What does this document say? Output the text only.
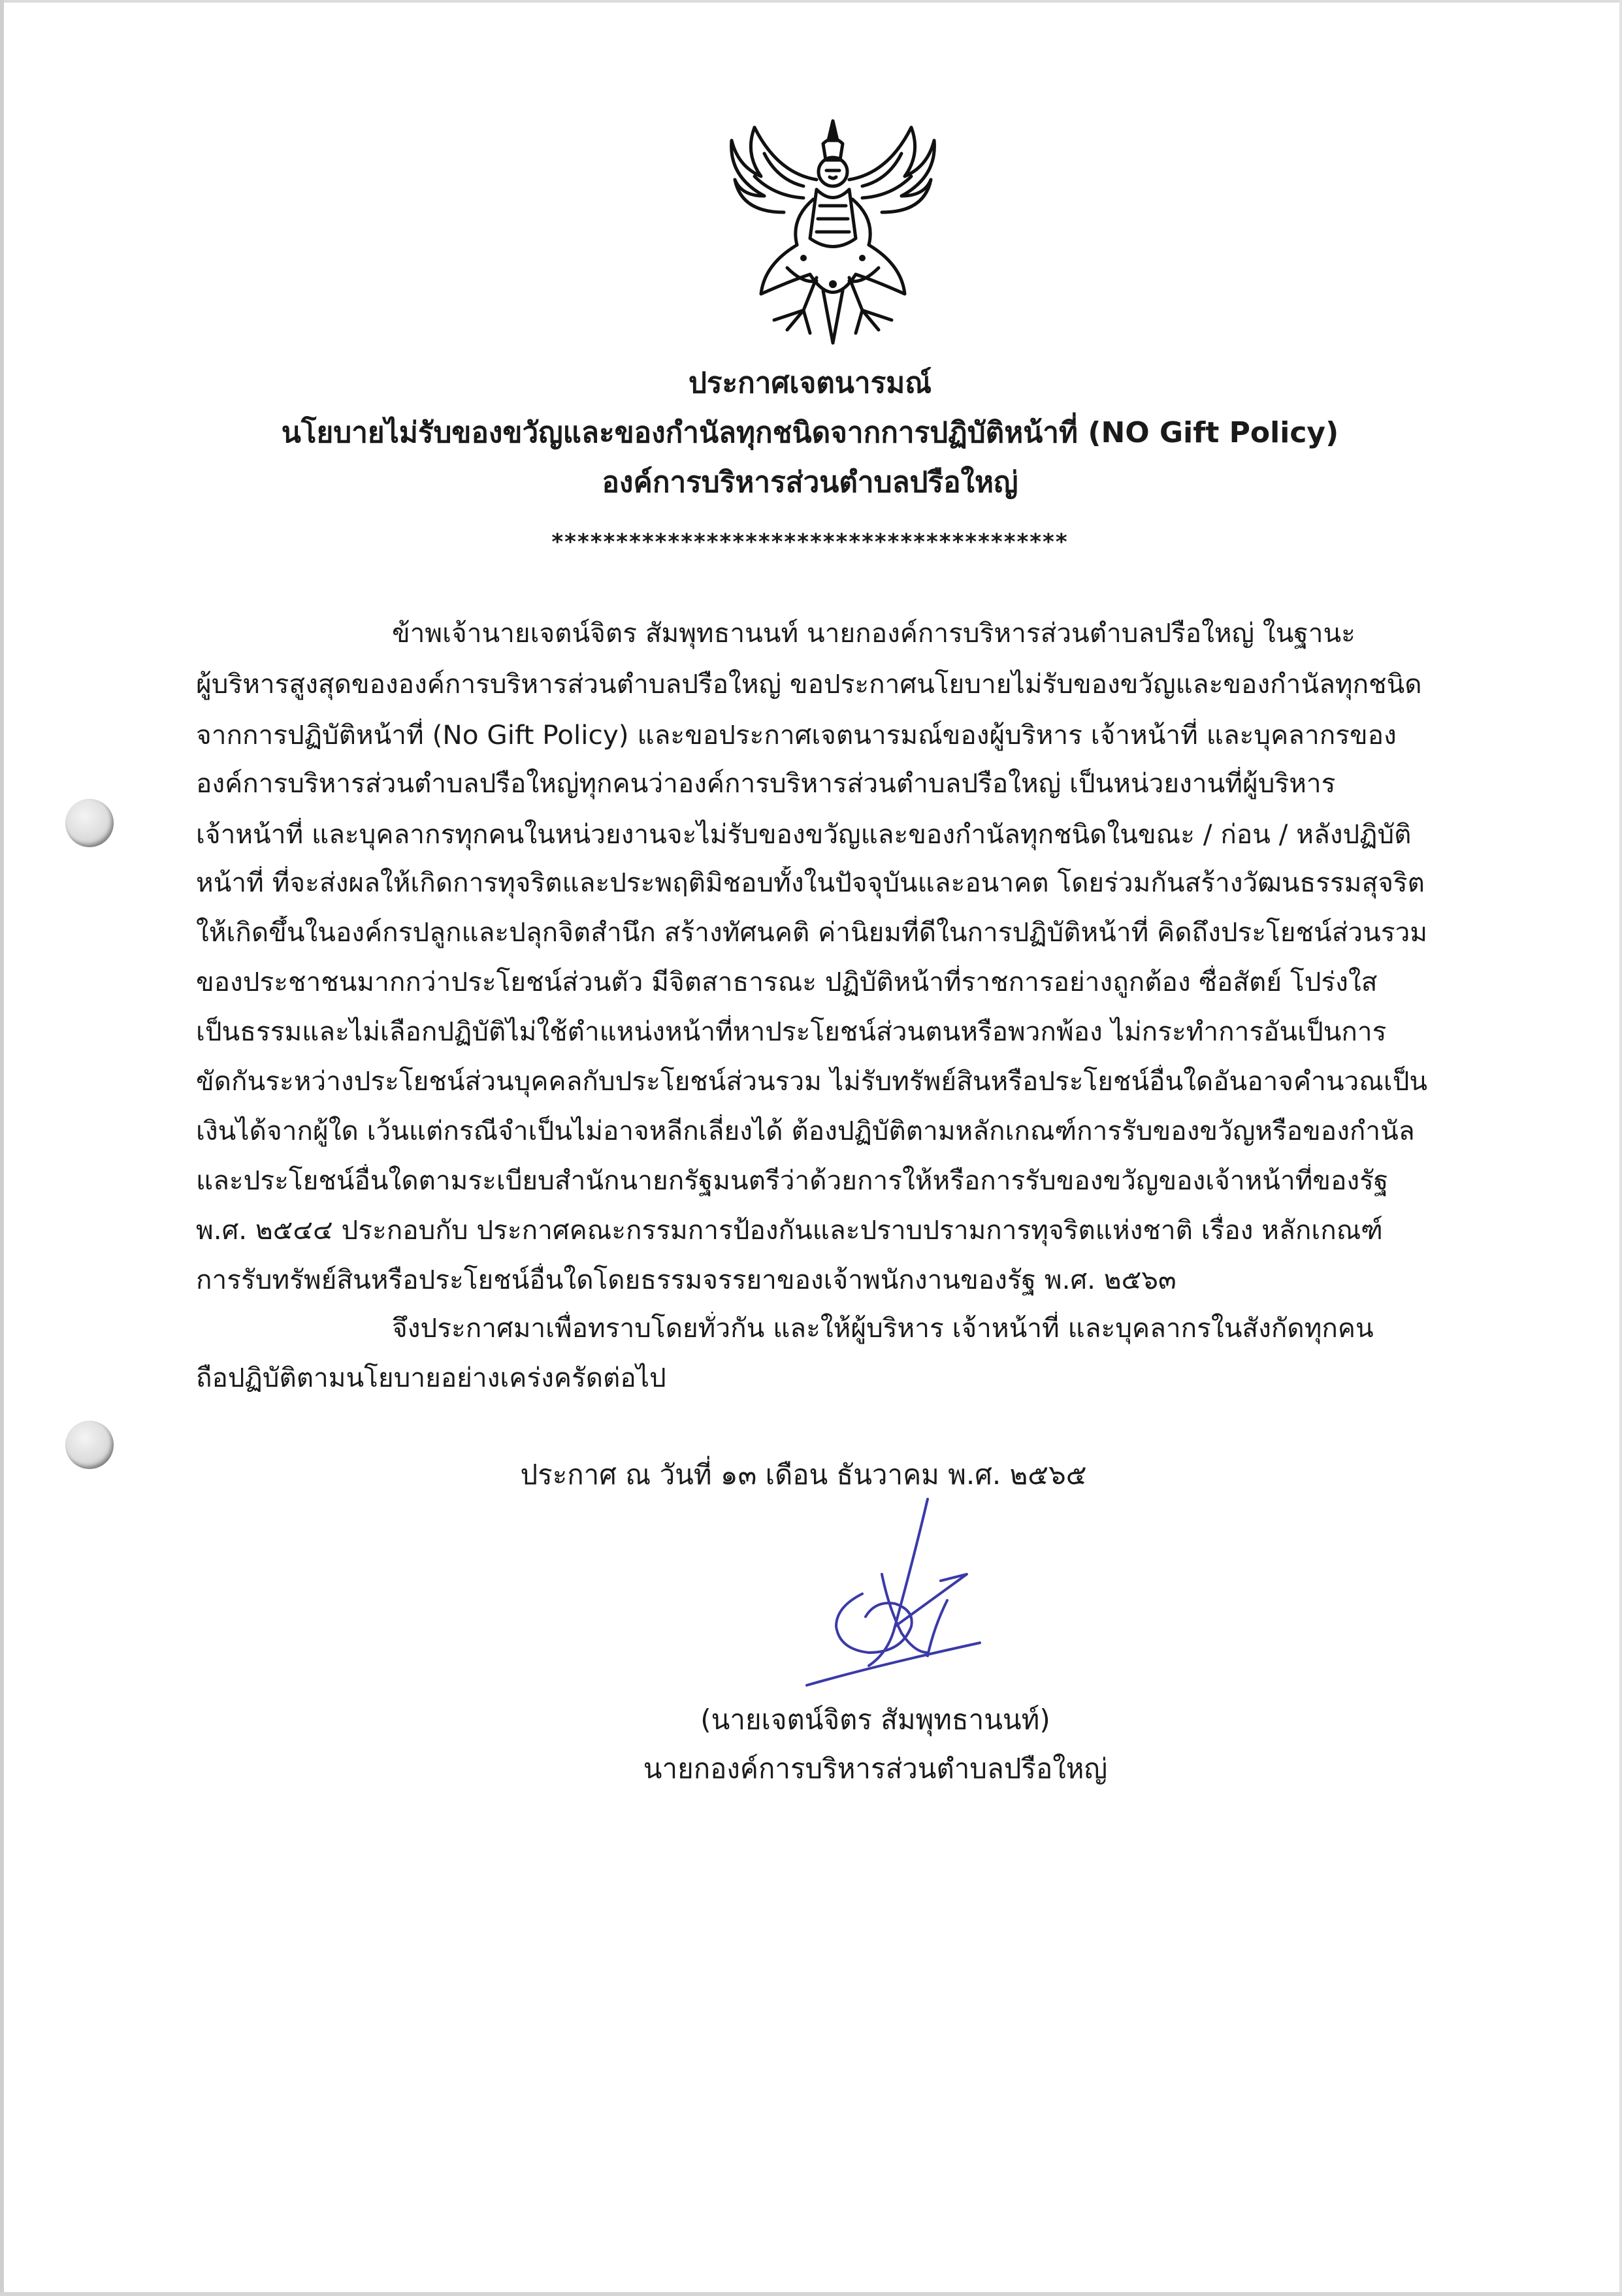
ประกาศเจตนารมณ์
นโยบายไม่รับของขวัญและของกำนัลทุกชนิดจากการปฏิบัติหน้าที่ (NO Gift Policy)
องค์การบริหารส่วนตำบลปรือใหญ่
****************************************
ข้าพเจ้านายเจตน์จิตร สัมพุทธานนท์ นายกองค์การบริหารส่วนตำบลปรือใหญ่ ในฐานะ
ผู้บริหารสูงสุดขององค์การบริหารส่วนตำบลปรือใหญ่ ขอประกาศนโยบายไม่รับของขวัญและของกำนัลทุกชนิด
จากการปฏิบัติหน้าที่ (No Gift Policy) และขอประกาศเจตนารมณ์ของผู้บริหาร เจ้าหน้าที่ และบุคลากรของ
องค์การบริหารส่วนตำบลปรือใหญ่ทุกคนว่าองค์การบริหารส่วนตำบลปรือใหญ่ เป็นหน่วยงานที่ผู้บริหาร
เจ้าหน้าที่ และบุคลากรทุกคนในหน่วยงานจะไม่รับของขวัญและของกำนัลทุกชนิดในขณะ / ก่อน / หลังปฏิบัติ
หน้าที่ ที่จะส่งผลให้เกิดการทุจริตและประพฤติมิชอบทั้งในปัจจุบันและอนาคต โดยร่วมกันสร้างวัฒนธรรมสุจริต
ให้เกิดขึ้นในองค์กรปลูกและปลุกจิตสำนึก สร้างทัศนคติ ค่านิยมที่ดีในการปฏิบัติหน้าที่ คิดถึงประโยชน์ส่วนรวม
ของประชาชนมากกว่าประโยชน์ส่วนตัว มีจิตสาธารณะ ปฏิบัติหน้าที่ราชการอย่างถูกต้อง ซื่อสัตย์ โปร่งใส
เป็นธรรมและไม่เลือกปฏิบัติไม่ใช้ตำแหน่งหน้าที่หาประโยชน์ส่วนตนหรือพวกพ้อง ไม่กระทำการอันเป็นการ
ขัดกันระหว่างประโยชน์ส่วนบุคคลกับประโยชน์ส่วนรวม ไม่รับทรัพย์สินหรือประโยชน์อื่นใดอันอาจคำนวณเป็น
เงินได้จากผู้ใด เว้นแต่กรณีจำเป็นไม่อาจหลีกเลี่ยงได้ ต้องปฏิบัติตามหลักเกณฑ์การรับของขวัญหรือของกำนัล
และประโยชน์อื่นใดตามระเบียบสำนักนายกรัฐมนตรีว่าด้วยการให้หรือการรับของขวัญของเจ้าหน้าที่ของรัฐ
พ.ศ. ๒๕๔๔ ประกอบกับ ประกาศคณะกรรมการป้องกันและปราบปรามการทุจริตแห่งชาติ เรื่อง หลักเกณฑ์
การรับทรัพย์สินหรือประโยชน์อื่นใดโดยธรรมจรรยาของเจ้าพนักงานของรัฐ พ.ศ. ๒๕๖๓
จึงประกาศมาเพื่อทราบโดยทั่วกัน และให้ผู้บริหาร เจ้าหน้าที่ และบุคลากรในสังกัดทุกคน
ถือปฏิบัติตามนโยบายอย่างเคร่งครัดต่อไป
ประกาศ ณ วันที่ ๑๓ เดือน ธันวาคม พ.ศ. ๒๕๖๕
(นายเจตน์จิตร สัมพุทธานนท์)
นายกองค์การบริหารส่วนตำบลปรือใหญ่
